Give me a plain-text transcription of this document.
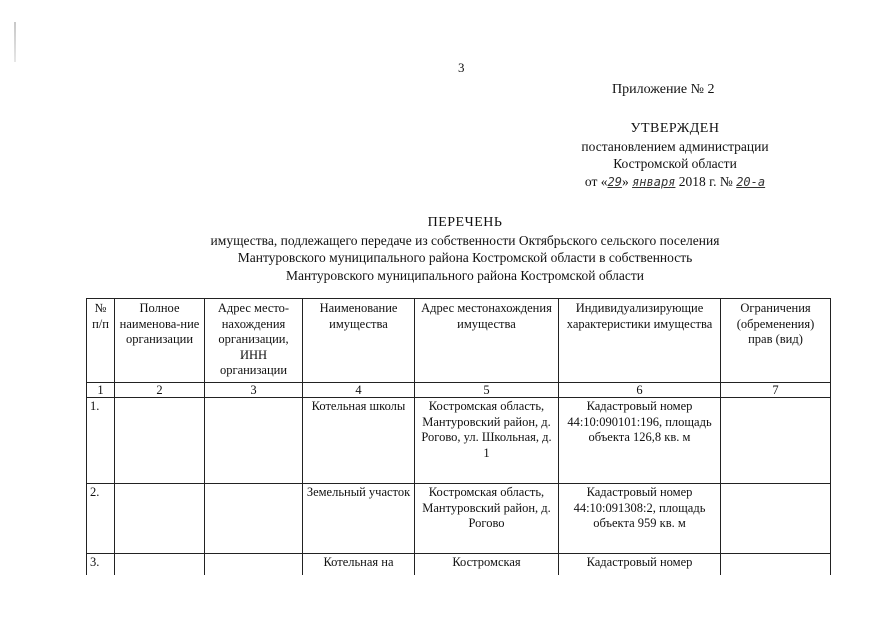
3
Приложение № 2
УТВЕРЖДЕН
постановлением администрации
Костромской области
от «29» января 2018 г. № 20-а
ПЕРЕЧЕНЬ
имущества, подлежащего передаче из собственности Октябрьского сельского поселения
Мантуровского муниципального района Костромской области в собственность
Мантуровского муниципального района Костромской области
№ п/п	Полное наименова-ние организации	Адрес место-нахождения организации, ИНН организации	Наименование имущества	Адрес местонахождения имущества	Индивидуализирующие характеристики имущества	Ограничения (обременения) прав (вид)
1	2	3	4	5	6	7
1.			Котельная школы	Костромская область, Мантуровский район, д. Рогово, ул. Школьная, д. 1	Кадастровый номер 44:10:090101:196, площадь объекта 126,8 кв. м	
2.			Земельный участок	Костромская область, Мантуровский район, д. Рогово	Кадастровый номер 44:10:091308:2, площадь объекта 959 кв. м	
3.			Котельная на	Костромская	Кадастровый номер	
